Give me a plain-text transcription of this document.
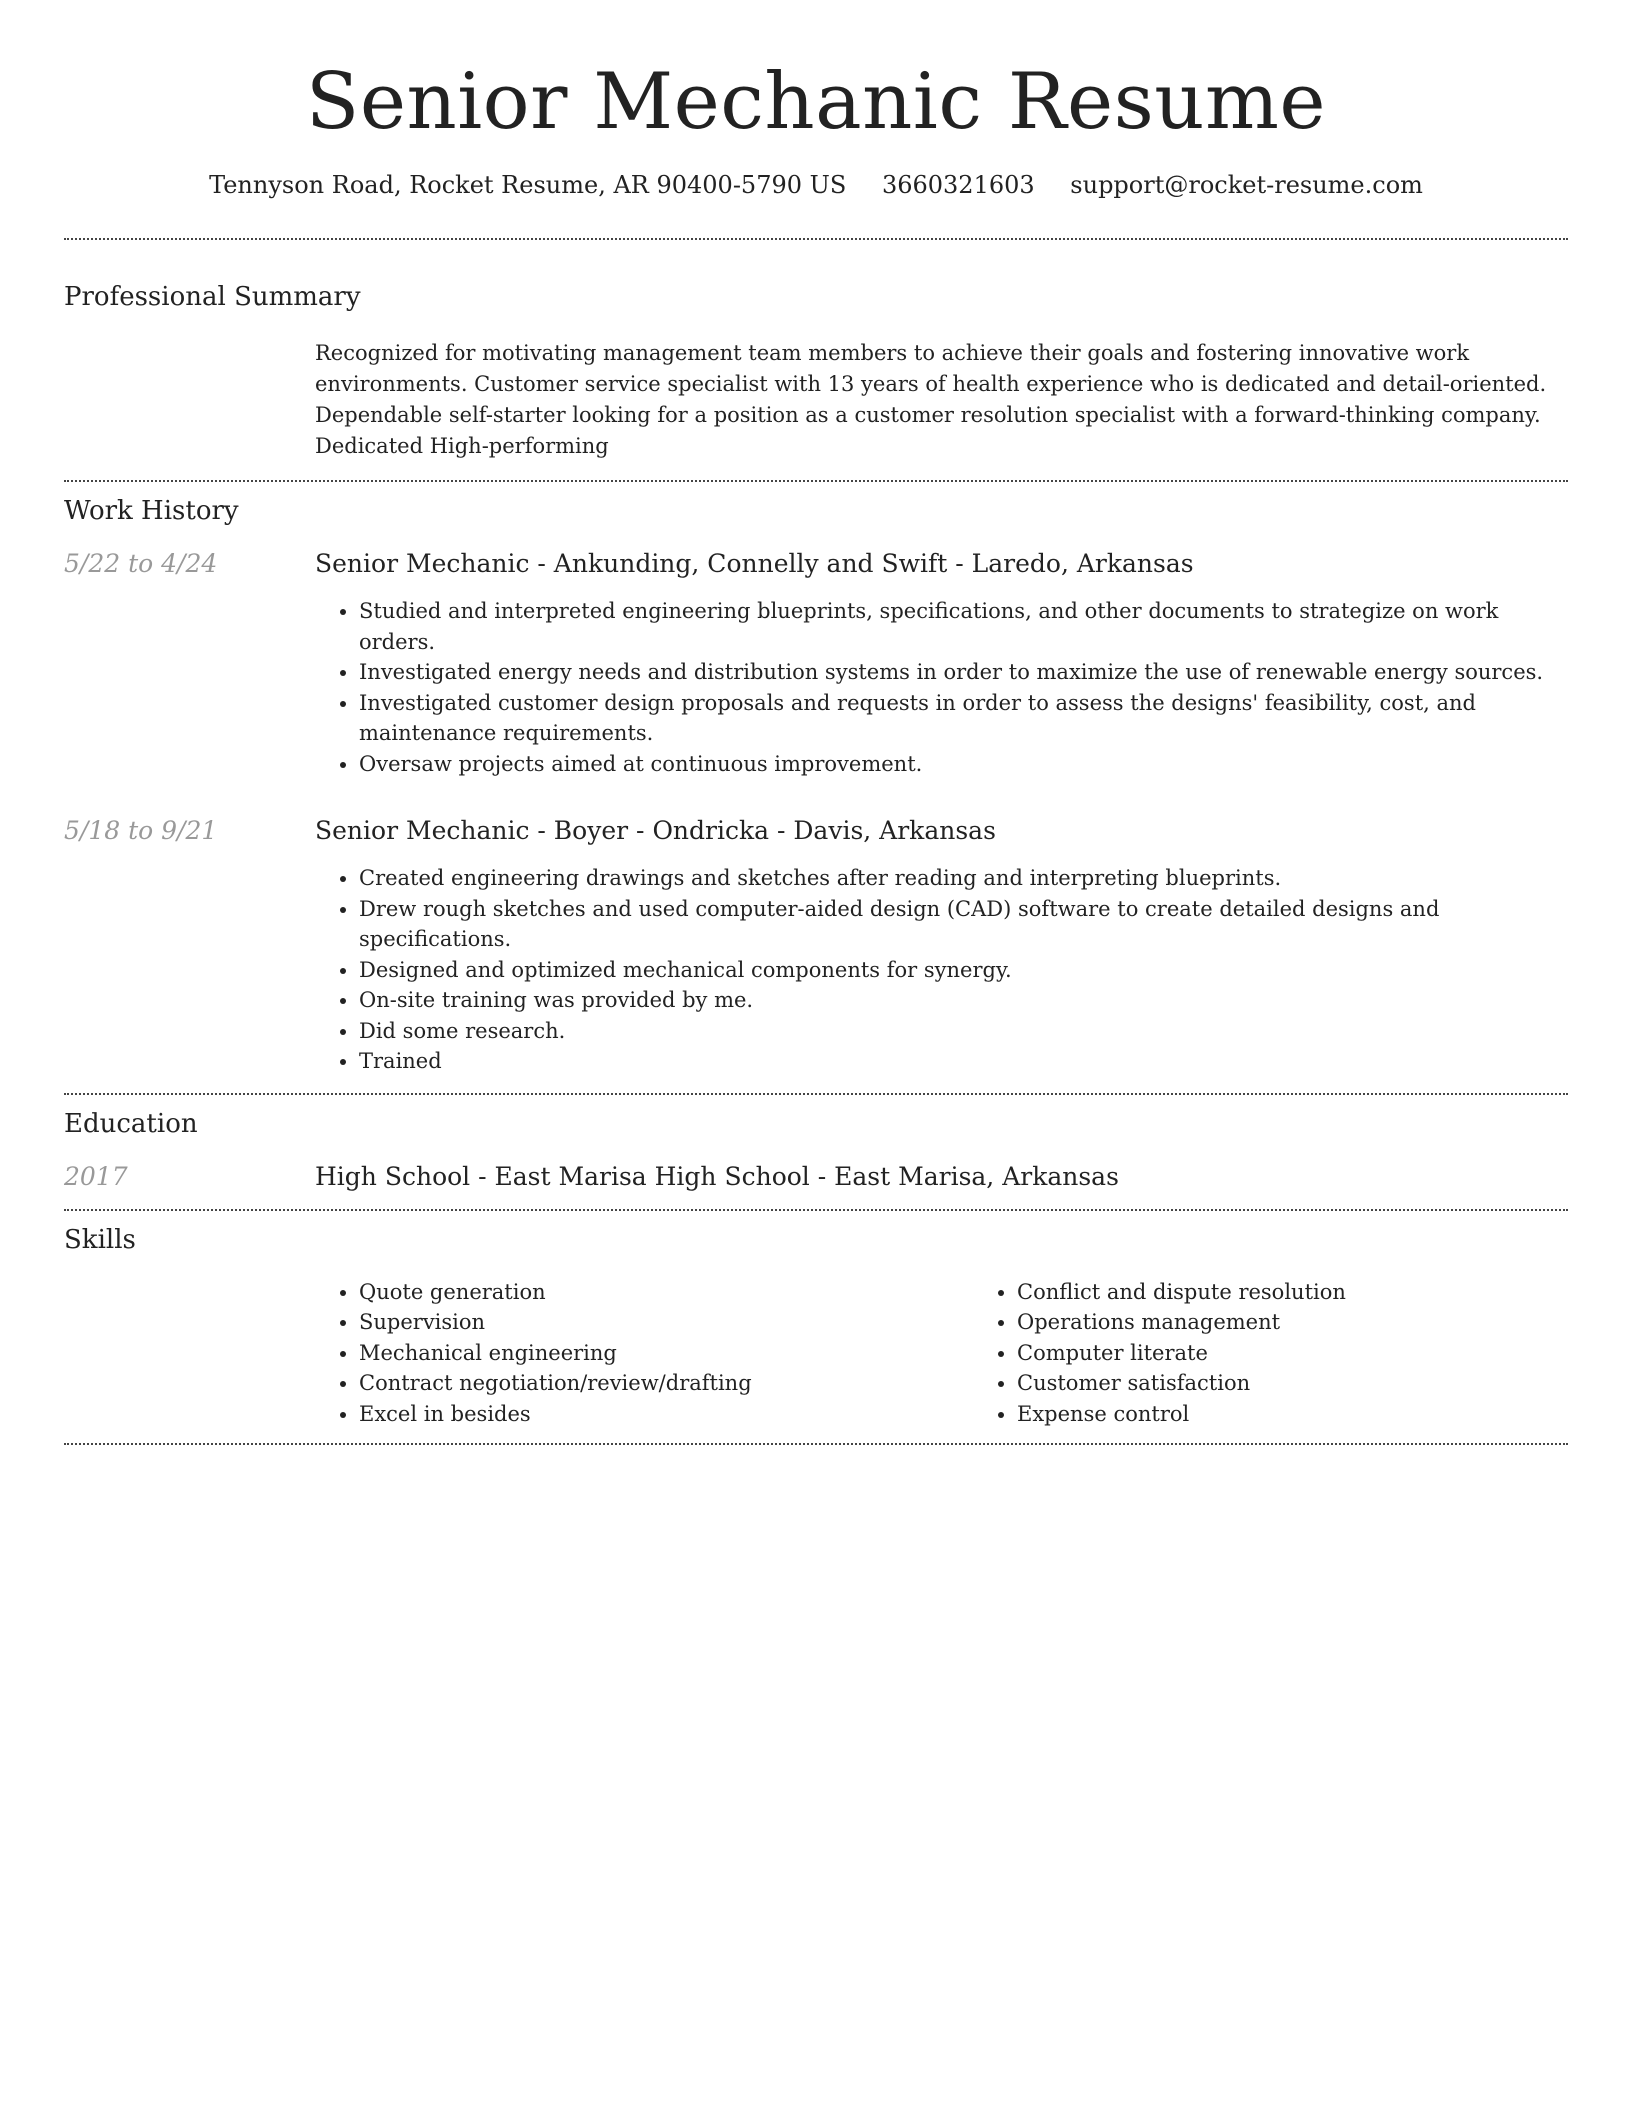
Senior Mechanic Resume
Tennyson Road, Rocket Resume, AR 90400-5790 US 3660321603 support@rocket-resume.com
Professional Summary
Recognized for motivating management team members to achieve their goals and fostering innovative work environments. Customer service specialist with 13 years of health experience who is dedicated and detail-oriented. Dependable self-starter looking for a position as a customer resolution specialist with a forward-thinking company. Dedicated High-performing
Work History
5/22 to 4/24	Senior Mechanic - Ankunding, Connelly and Swift - Laredo, Arkansas
• Studied and interpreted engineering blueprints, specifications, and other documents to strategize on work orders.
• Investigated energy needs and distribution systems in order to maximize the use of renewable energy sources.
• Investigated customer design proposals and requests in order to assess the designs' feasibility, cost, and maintenance requirements.
• Oversaw projects aimed at continuous improvement.
5/18 to 9/21	Senior Mechanic - Boyer - Ondricka - Davis, Arkansas
• Created engineering drawings and sketches after reading and interpreting blueprints.
• Drew rough sketches and used computer-aided design (CAD) software to create detailed designs and specifications.
• Designed and optimized mechanical components for synergy.
• On-site training was provided by me.
• Did some research.
• Trained
Education
2017	High School - East Marisa High School - East Marisa, Arkansas
Skills
• Quote generation
• Supervision
• Mechanical engineering
• Contract negotiation/review/drafting
• Excel in besides
• Conflict and dispute resolution
• Operations management
• Computer literate
• Customer satisfaction
• Expense control
